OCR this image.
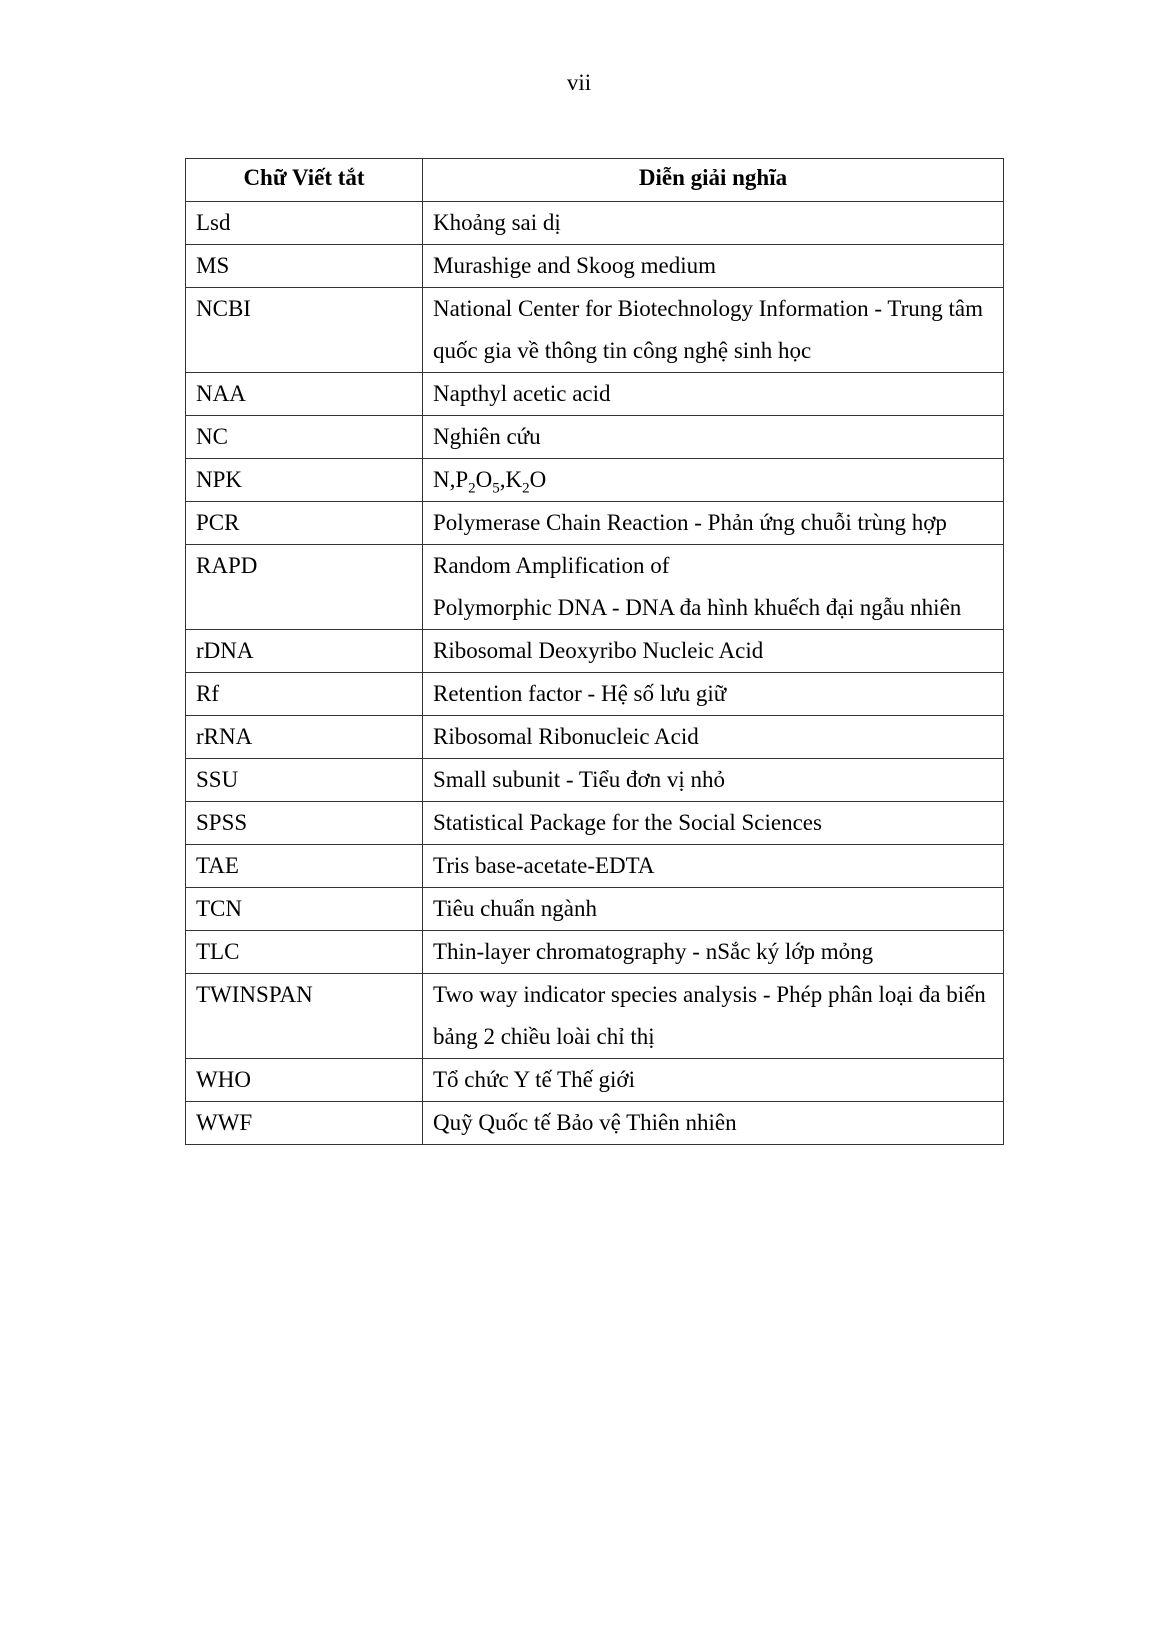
vii
Chữ Viết tắt	Diễn giải nghĩa
Lsd	Khoảng sai dị
MS	Murashige and Skoog medium
NCBI	National Center for Biotechnology Information - Trung tâm quốc gia về thông tin công nghệ sinh học

NAA	Napthyl acetic acid
NC	Nghiên cứu
NPK	$N,P_2O_5,K_2O$
PCR	Polymerase Chain Reaction - Phản ứng chuỗi trùng hợp
RAPD	Random Amplification of
Polymorphic DNA - DNA đa hình khuếch đại ngẫu nhiên

rDNA	Ribosomal Deoxyribo Nucleic Acid
Rf	Retention factor - Hệ số lưu giữ
rRNA	Ribosomal Ribonucleic Acid
SSU	Small subunit - Tiểu đơn vị nhỏ
SPSS	Statistical Package for the Social Sciences
TAE	Tris base-acetate-EDTA
TCN	Tiêu chuẩn ngành
TLC	Thin-layer chromatography - nSắc ký lớp mỏng
TWINSPAN	Two way indicator species analysis - Phép phân loại đa biến bảng 2 chiều loài chỉ thị

WHO	Tổ chức Y tế Thế giới
WWF	Quỹ Quốc tế Bảo vệ Thiên nhiên
